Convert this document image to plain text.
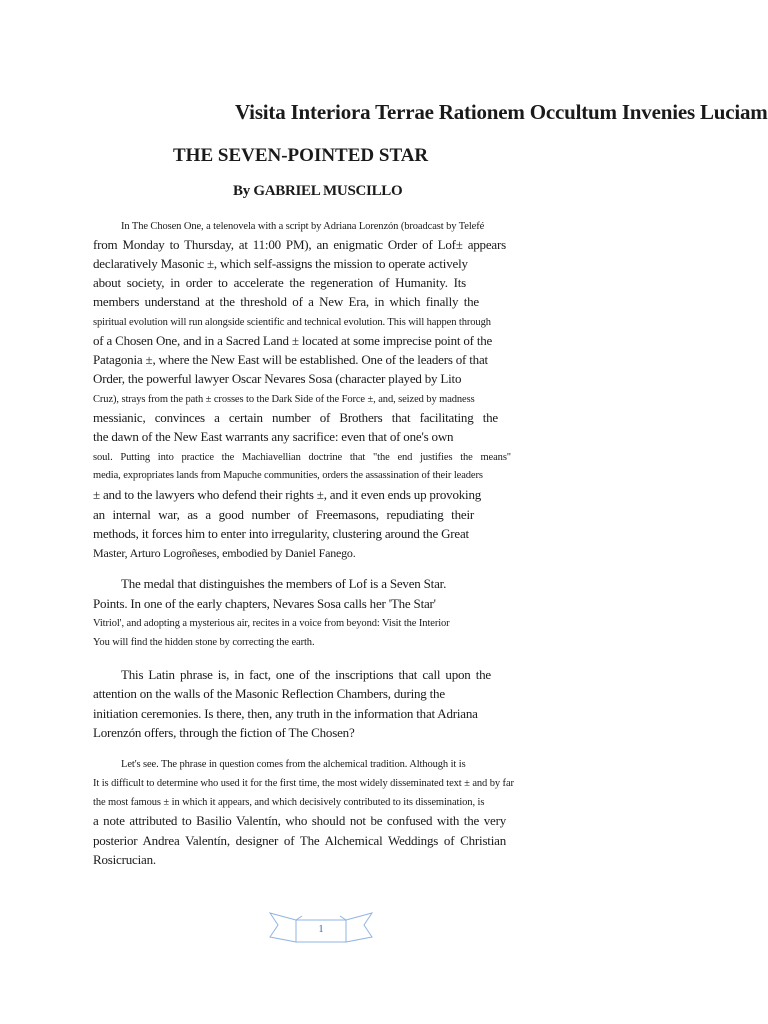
Visita Interiora Terrae Rationem Occultum Invenies Luciam
THE SEVEN-POINTED STAR
By GABRIEL MUSCILLO
In The Chosen One, a telenovela with a script by Adriana Lorenzón (broadcast by Telefé
from Monday to Thursday, at 11:00 PM), an enigmatic Order of Lof± appears
declaratively Masonic ±, which self-assigns the mission to operate actively
about society, in order to accelerate the regeneration of Humanity. Its
members understand at the threshold of a New Era, in which finally the
spiritual evolution will run alongside scientific and technical evolution. This will happen through
of a Chosen One, and in a Sacred Land ± located at some imprecise point of the
Patagonia ±, where the New East will be established. One of the leaders of that
Order, the powerful lawyer Oscar Nevares Sosa (character played by Lito
Cruz), strays from the path ± crosses to the Dark Side of the Force ±, and, seized by madness
messianic, convinces a certain number of Brothers that facilitating the
the dawn of the New East warrants any sacrifice: even that of one's own
soul. Putting into practice the Machiavellian doctrine that "the end justifies the means"
media, expropriates lands from Mapuche communities, orders the assassination of their leaders
± and to the lawyers who defend their rights ±, and it even ends up provoking
an internal war, as a good number of Freemasons, repudiating their
methods, it forces him to enter into irregularity, clustering around the Great
Master, Arturo Logroñeses, embodied by Daniel Fanego.
The medal that distinguishes the members of Lof is a Seven Star.
Points. In one of the early chapters, Nevares Sosa calls her 'The Star'
Vitriol', and adopting a mysterious air, recites in a voice from beyond: Visit the Interior
You will find the hidden stone by correcting the earth.
This Latin phrase is, in fact, one of the inscriptions that call upon the
attention on the walls of the Masonic Reflection Chambers, during the
initiation ceremonies. Is there, then, any truth in the information that Adriana
Lorenzón offers, through the fiction of The Chosen?
Let's see. The phrase in question comes from the alchemical tradition. Although it is
It is difficult to determine who used it for the first time, the most widely disseminated text ± and by far
the most famous ± in which it appears, and which decisively contributed to its dissemination, is
a note attributed to Basilio Valentín, who should not be confused with the very
posterior Andrea Valentín, designer of The Alchemical Weddings of Christian
Rosicrucian.
1
